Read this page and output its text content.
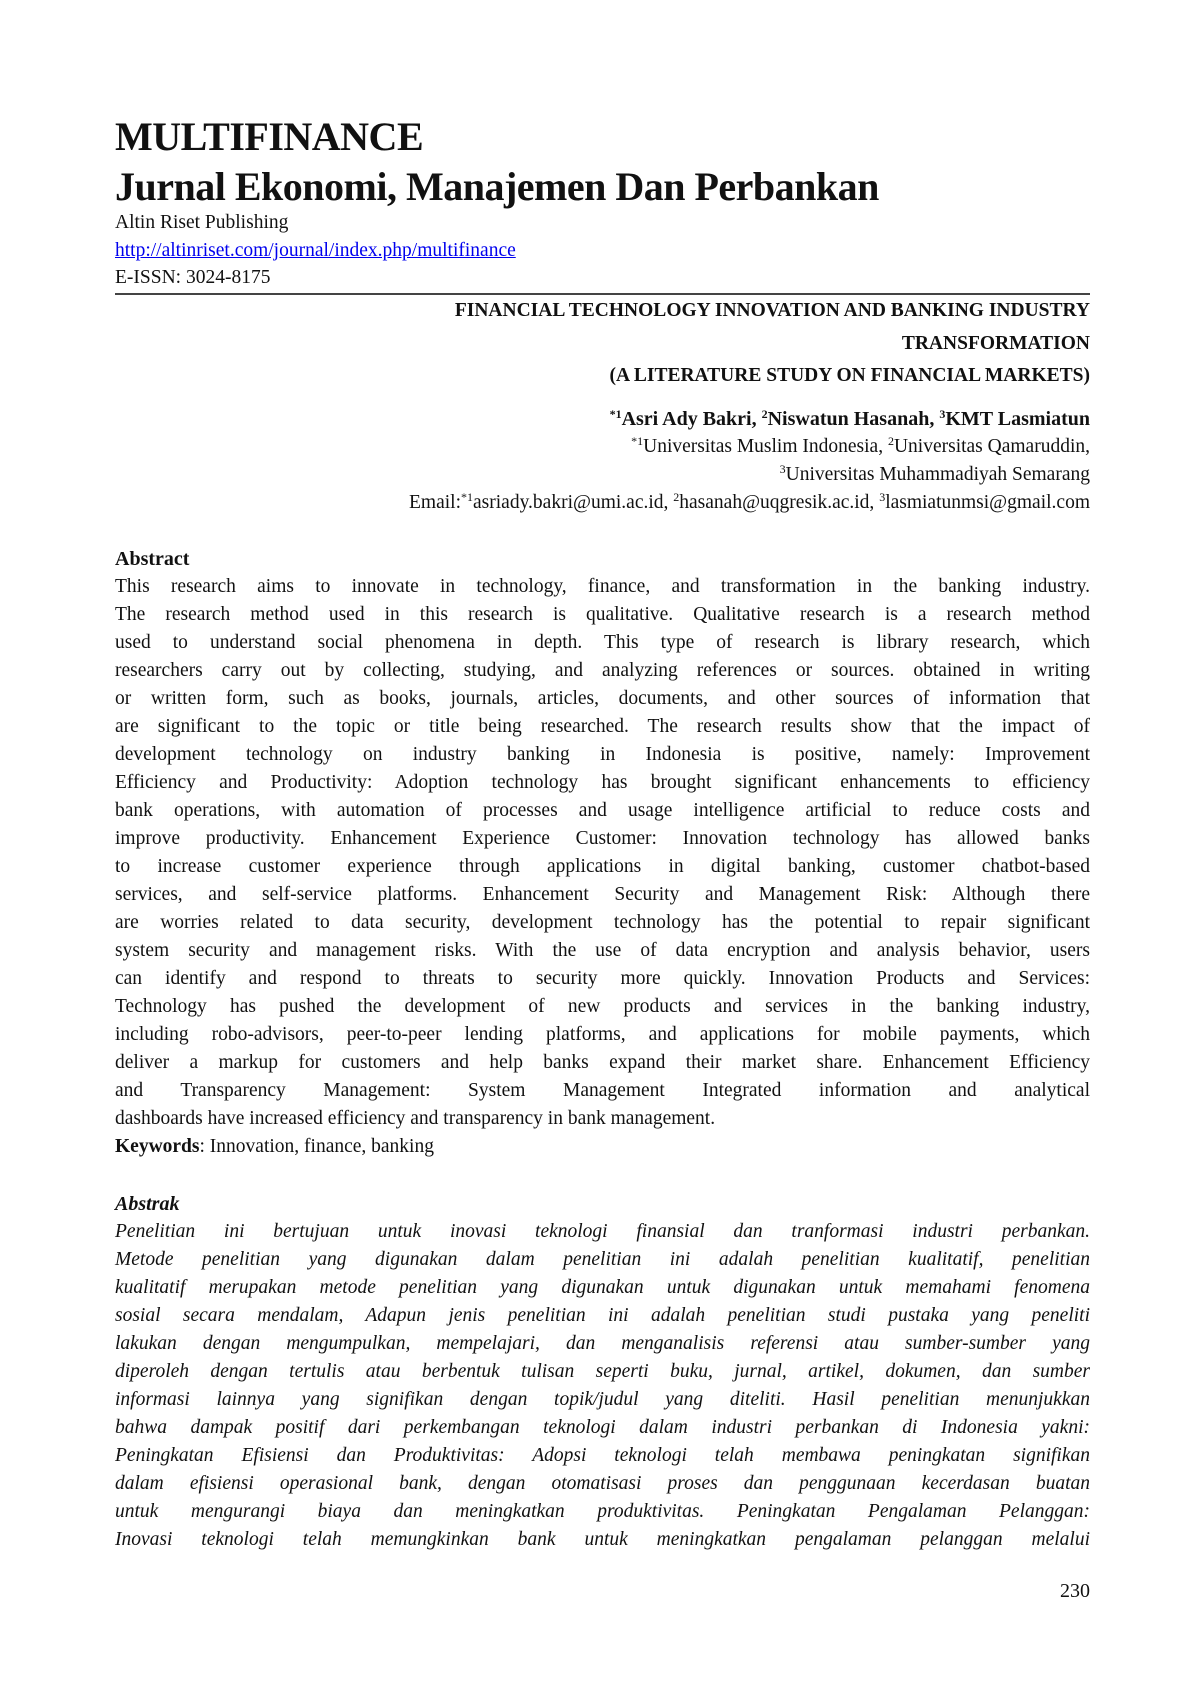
MULTIFINANCE
Jurnal Ekonomi, Manajemen Dan Perbankan
Altin Riset Publishing
http://altinriset.com/journal/index.php/multifinance
E-ISSN: 3024-8175
FINANCIAL TECHNOLOGY INNOVATION AND BANKING INDUSTRY
TRANSFORMATION
(A LITERATURE STUDY ON FINANCIAL MARKETS)
$^{*1}$Asri Ady Bakri, $^2$Niswatun Hasanah, $^3$KMT Lasmiatun
$^{*1}$Universitas Muslim Indonesia, $^2$Universitas Qamaruddin,
$^3$Universitas Muhammadiyah Semarang
Email:$^{*1}$asriady.bakri@umi.ac.id, $^2$hasanah@uqgresik.ac.id, $^3$lasmiatunmsi@gmail.com
Abstract
This research aims to innovate in technology, finance, and transformation in the banking industry.
The research method used in this research is qualitative. Qualitative research is a research method
used to understand social phenomena in depth. This type of research is library research, which
researchers carry out by collecting, studying, and analyzing references or sources. obtained in writing
or written form, such as books, journals, articles, documents, and other sources of information that
are significant to the topic or title being researched. The research results show that the impact of
development technology on industry banking in Indonesia is positive, namely: Improvement
Efficiency and Productivity: Adoption technology has brought significant enhancements to efficiency
bank operations, with automation of processes and usage intelligence artificial to reduce costs and
improve productivity. Enhancement Experience Customer: Innovation technology has allowed banks
to increase customer experience through applications in digital banking, customer chatbot-based
services, and self-service platforms. Enhancement Security and Management Risk: Although there
are worries related to data security, development technology has the potential to repair significant
system security and management risks. With the use of data encryption and analysis behavior, users
can identify and respond to threats to security more quickly. Innovation Products and Services:
Technology has pushed the development of new products and services in the banking industry,
including robo-advisors, peer-to-peer lending platforms, and applications for mobile payments, which
deliver a markup for customers and help banks expand their market share. Enhancement Efficiency
and Transparency Management: System Management Integrated information and analytical
dashboards have increased efficiency and transparency in bank management.
Keywords: Innovation, finance, banking
Abstrak
Penelitian ini bertujuan untuk inovasi teknologi finansial dan tranformasi industri perbankan.
Metode penelitian yang digunakan dalam penelitian ini adalah penelitian kualitatif, penelitian
kualitatif merupakan metode penelitian yang digunakan untuk digunakan untuk memahami fenomena
sosial secara mendalam, Adapun jenis penelitian ini adalah penelitian studi pustaka yang peneliti
lakukan dengan mengumpulkan, mempelajari, dan menganalisis referensi atau sumber-sumber yang
diperoleh dengan tertulis atau berbentuk tulisan seperti buku, jurnal, artikel, dokumen, dan sumber
informasi lainnya yang signifikan dengan topik/judul yang diteliti. Hasil penelitian menunjukkan
bahwa dampak positif dari perkembangan teknologi dalam industri perbankan di Indonesia yakni:
Peningkatan Efisiensi dan Produktivitas: Adopsi teknologi telah membawa peningkatan signifikan
dalam efisiensi operasional bank, dengan otomatisasi proses dan penggunaan kecerdasan buatan
untuk mengurangi biaya dan meningkatkan produktivitas. Peningkatan Pengalaman Pelanggan:
Inovasi teknologi telah memungkinkan bank untuk meningkatkan pengalaman pelanggan melalui
230
